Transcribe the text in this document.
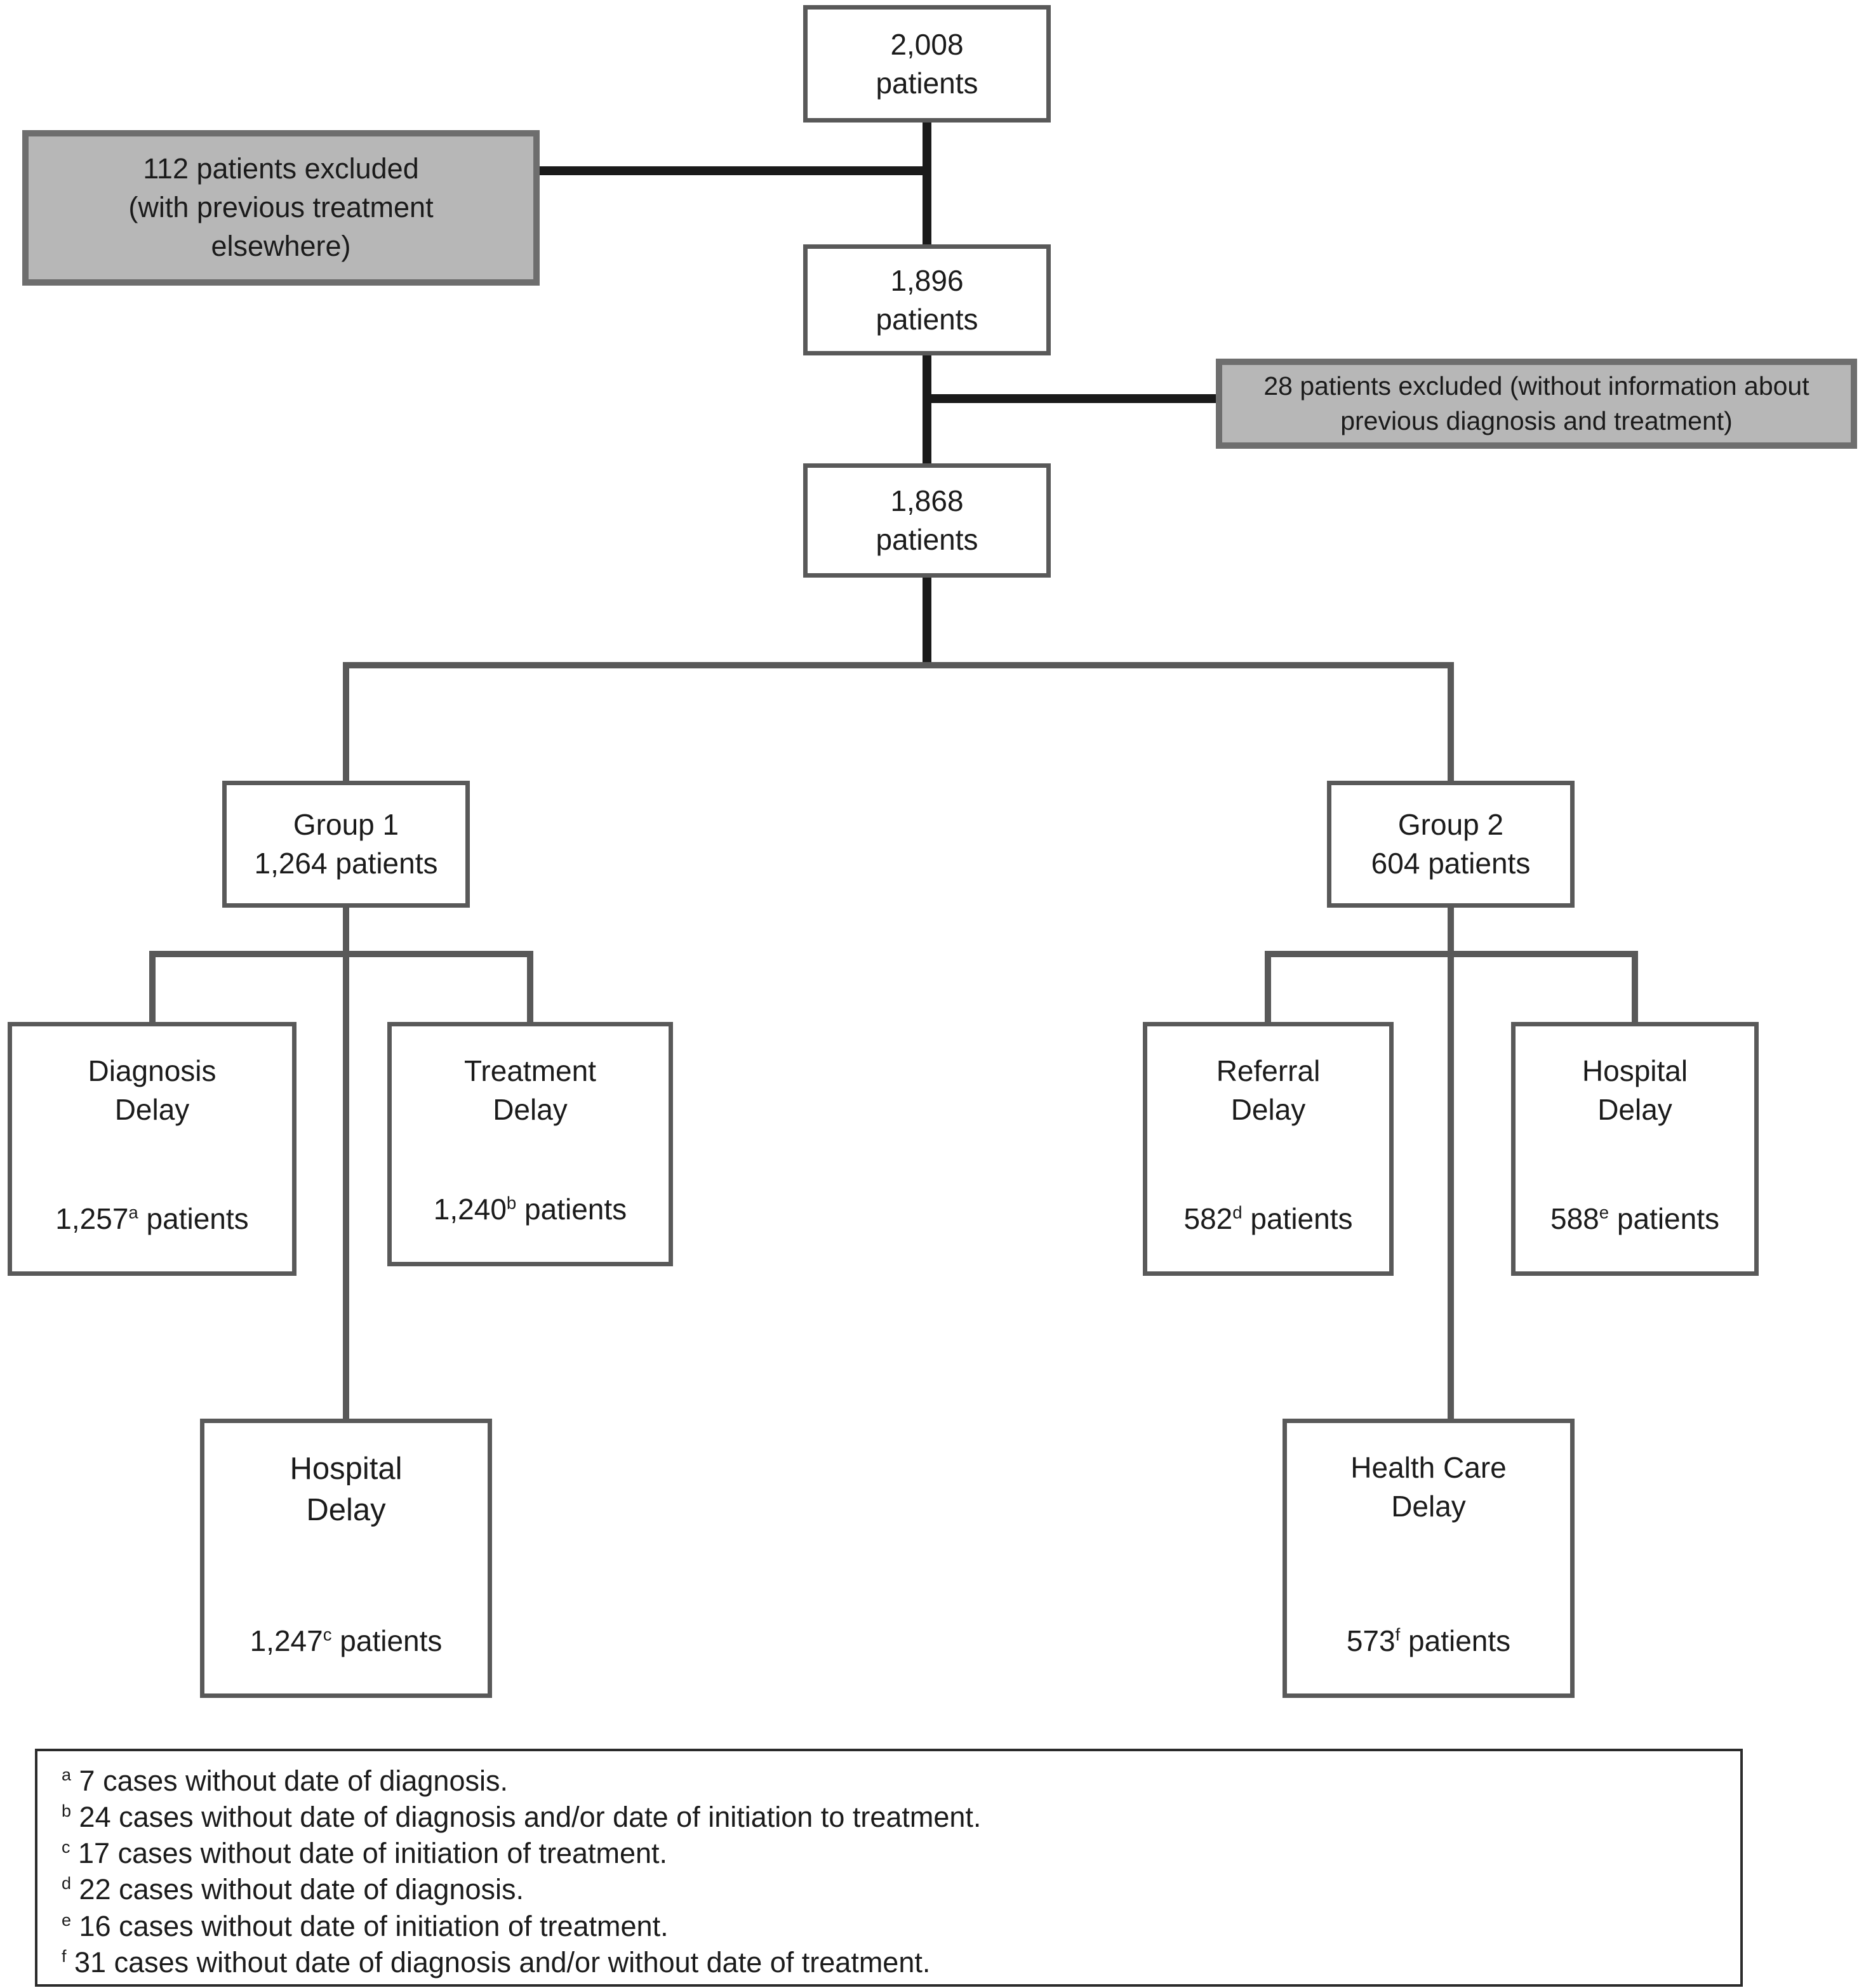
2,008
patients
112 patients excluded
(with previous treatment
elsewhere)
1,896
patients
28 patients excluded (without information about
previous diagnosis and treatment)
1,868
patients
Group 1
1,264 patients
Group 2
604 patients
Diagnosis
Delay
1,257$^a$ patients
Treatment
Delay
1,240$^b$ patients
Hospital
Delay
1,247$^c$ patients
Referral
Delay
582$^d$ patients
Hospital
Delay
588e patients
Health Care
Delay
573$^f$ patients
$^a$ 7 cases without date of diagnosis.
$^b$ 24 cases without date of diagnosis and/or date of initiation to treatment.
$^c$ 17 cases without date of initiation of treatment.
$^d$ 22 cases without date of diagnosis.
$^e$ 16 cases without date of initiation of treatment.
$^f$ 31 cases without date of diagnosis and/or without date of treatment.
